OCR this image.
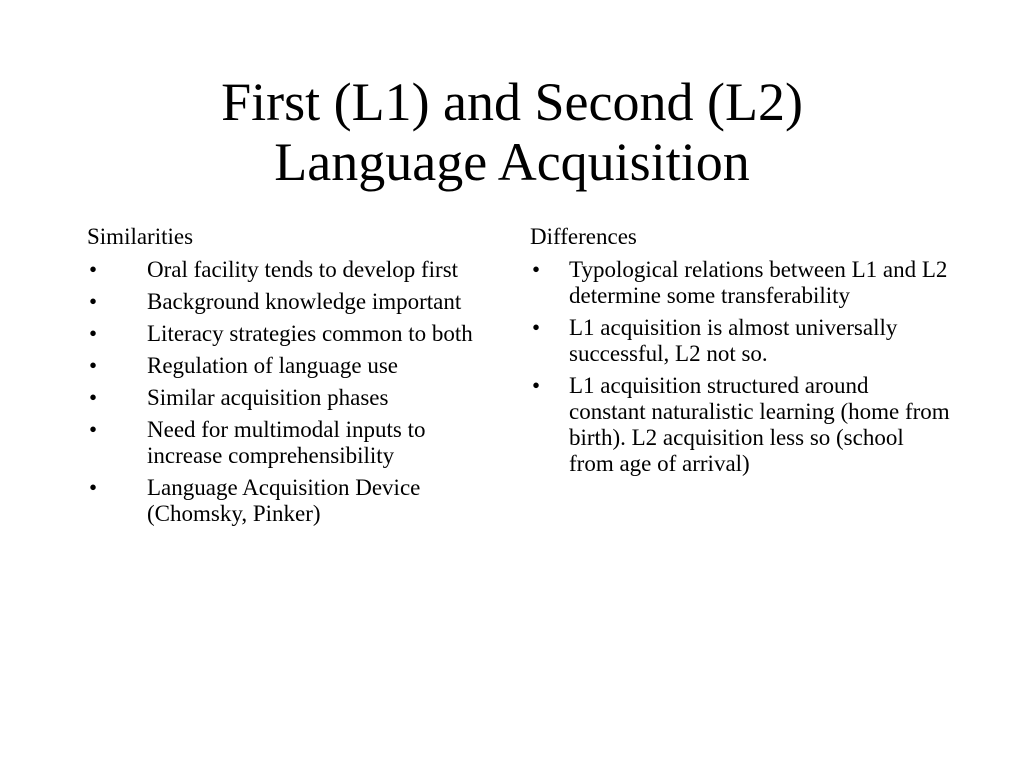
First (L1) and Second (L2)
Language Acquisition
Similarities
• Oral facility tends to develop first
• Background knowledge important
• Literacy strategies common to both
• Regulation of language use
• Similar acquisition phases
• Need for multimodal inputs to increase comprehensibility
• Language Acquisition Device (Chomsky, Pinker)
Differences
• Typological relations between L1 and L2 determine some transferability
• L1 acquisition is almost universally successful, L2 not so.
• L1 acquisition structured around constant naturalistic learning (home from birth). L2 acquisition less so (school from age of arrival)
